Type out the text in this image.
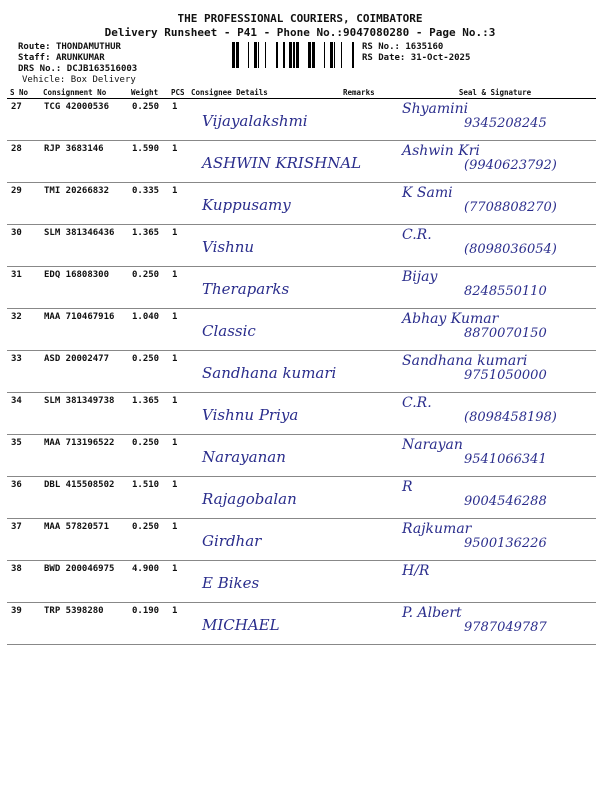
THE PROFESSIONAL COURIERS, COIMBATORE
Delivery Runsheet - P41 - Phone No.:9047080280 - Page No.:3
Route: THONDAMUTHUR
Staff: ARUNKUMAR
DRS No.: DCJB163516003
Vehicle: Box Delivery
RS No.: 1635160
RS Date: 31-Oct-2025
S No	Consignment No	Weight	PCS	Consignee Details	Remarks	Seal & Signature
27	TCG 42000536	0.250	1	Vijayalakshmi		Shyamini
9345208245

28	RJP 3683146	1.590	1	ASHWIN KRISHNAL		Ashwin Kri
(9940623792)

29	TMI 20266832	0.335	1	Kuppusamy		K Sami
(7708808270)

30	SLM 381346436	1.365	1	Vishnu		C.R.
(8098036054)

31	EDQ 16808300	0.250	1	Theraparks		Bijay
8248550110

32	MAA 710467916	1.040	1	Classic		Abhay Kumar
8870070150

33	ASD 20002477	0.250	1	Sandhana kumari		Sandhana kumari
9751050000

34	SLM 381349738	1.365	1	Vishnu Priya		C.R.
(8098458198)

35	MAA 713196522	0.250	1	Narayanan		Narayan
9541066341

36	DBL 415508502	1.510	1	Rajagobalan		R
9004546288

37	MAA 57820571	0.250	1	Girdhar		Rajkumar
9500136226

38	BWD 200046975	4.900	1	E Bikes		H/R

39	TRP 5398280	0.190	1	MICHAEL		P. Albert
9787049787
